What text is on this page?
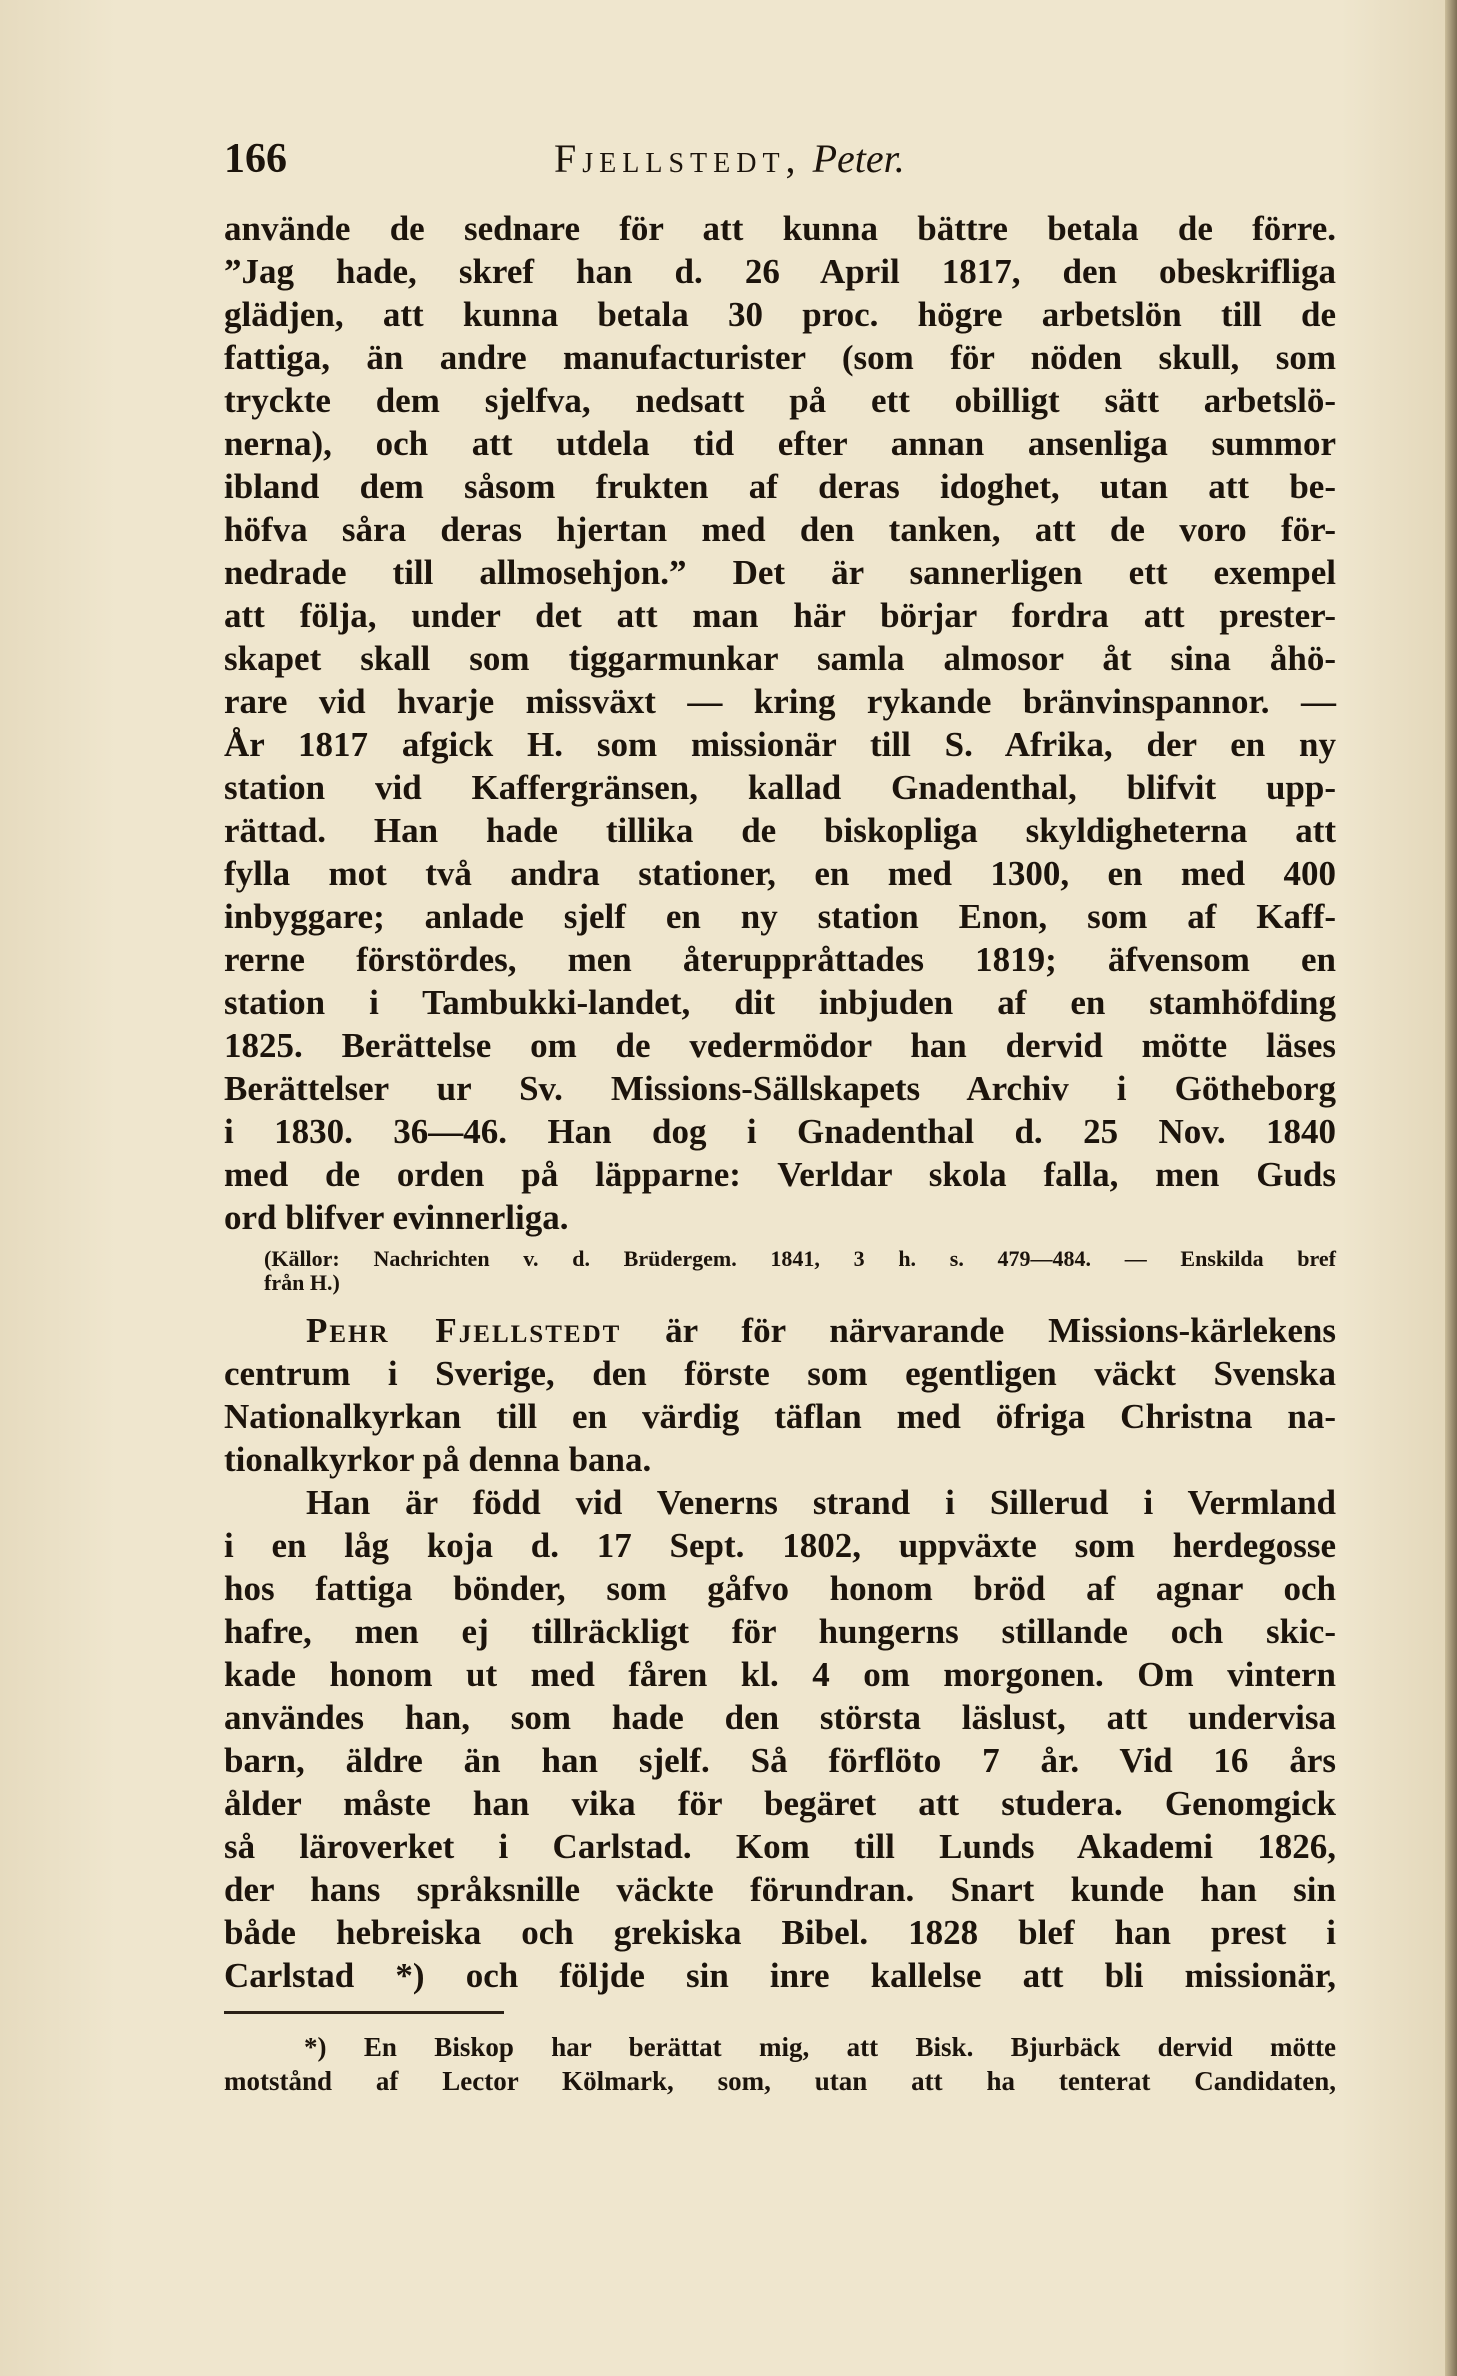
166	Fjellstedt, Peter.
använde de sednare för att kunna bättre betala de förre.
”Jag hade, skref han d. 26 April 1817, den obeskrifliga
glädjen, att kunna betala 30 proc. högre arbetslön till de
fattiga, än andre manufacturister (som för nöden skull, som
tryckte dem sjelfva, nedsatt på ett obilligt sätt arbetslö-
nerna), och att utdela tid efter annan ansenliga summor
ibland dem såsom frukten af deras idoghet, utan att be-
höfva såra deras hjertan med den tanken, att de voro för-
nedrade till allmosehjon.” Det är sannerligen ett exempel
att följa, under det att man här börjar fordra att prester-
skapet skall som tiggarmunkar samla almosor åt sina åhö-
rare vid hvarje missväxt — kring rykande bränvinspannor. —
År 1817 afgick H. som missionär till S. Afrika, der en ny
station vid Kaffergränsen, kallad Gnadenthal, blifvit upp-
rättad. Han hade tillika de biskopliga skyldigheterna att
fylla mot två andra stationer, en med 1300, en med 400
inbyggare; anlade sjelf en ny station Enon, som af Kaff-
rerne förstördes, men återuppråttades 1819; äfvensom en
station i Tambukki-landet, dit inbjuden af en stamhöfding
1825. Berättelse om de vedermödor han dervid mötte läses
Berättelser ur Sv. Missions-Sällskapets Archiv i Götheborg
i 1830. 36—46. Han dog i Gnadenthal d. 25 Nov. 1840
med de orden på läpparne: Verldar skola falla, men Guds
ord blifver evinnerliga.
(Källor: Nachrichten v. d. Brüdergem. 1841, 3 h. s. 479—484. — Enskilda bref
från H.)
Pehr Fjellstedt är för närvarande Missions-kärlekens
centrum i Sverige, den förste som egentligen väckt Svenska
Nationalkyrkan till en värdig täflan med öfriga Christna na-
tionalkyrkor på denna bana.
Han är född vid Venerns strand i Sillerud i Vermland
i en låg koja d. 17 Sept. 1802, uppväxte som herdegosse
hos fattiga bönder, som gåfvo honom bröd af agnar och
hafre, men ej tillräckligt för hungerns stillande och skic-
kade honom ut med fåren kl. 4 om morgonen. Om vintern
användes han, som hade den största läslust, att undervisa
barn, äldre än han sjelf. Så förflöto 7 år. Vid 16 års
ålder måste han vika för begäret att studera. Genomgick
så läroverket i Carlstad. Kom till Lunds Akademi 1826,
der hans språksnille väckte förundran. Snart kunde han sin
både hebreiska och grekiska Bibel. 1828 blef han prest i
Carlstad *) och följde sin inre kallelse att bli missionär,
*) En Biskop har berättat mig, att Bisk. Bjurbäck dervid mötte
motstånd af Lector Kölmark, som, utan att ha tenterat Candidaten,
